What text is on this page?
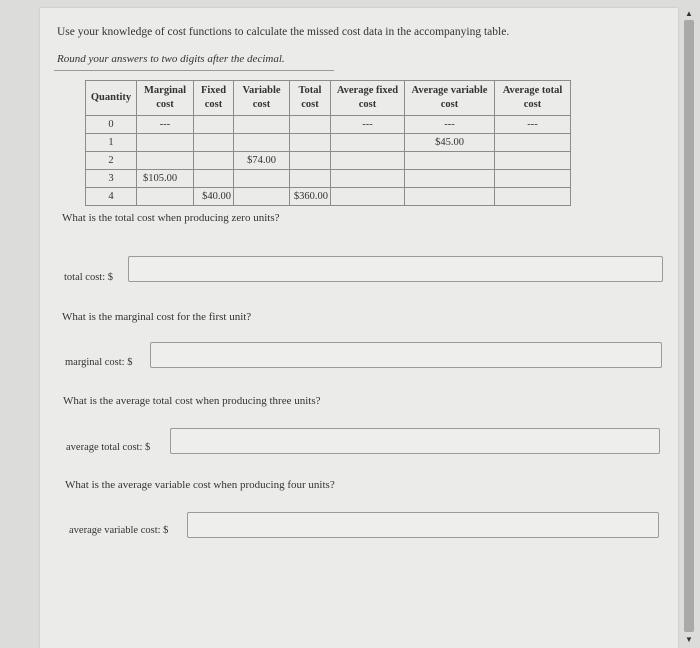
Use your knowledge of cost functions to calculate the missed cost data in the accompanying table.
Round your answers to two digits after the decimal.
Quantity	Marginal cost	Fixed cost	Variable cost	Total cost	Average fixed cost	Average variable cost	Average total cost
0	---				---	---	---
1						$45.00	
2			$74.00				
3	$105.00						
4		$40.00		$360.00			
What is the total cost when producing zero units?
total cost: $
What is the marginal cost for the first unit?
marginal cost: $
What is the average total cost when producing three units?
average total cost: $
What is the average variable cost when producing four units?
average variable cost: $
▲
▼
